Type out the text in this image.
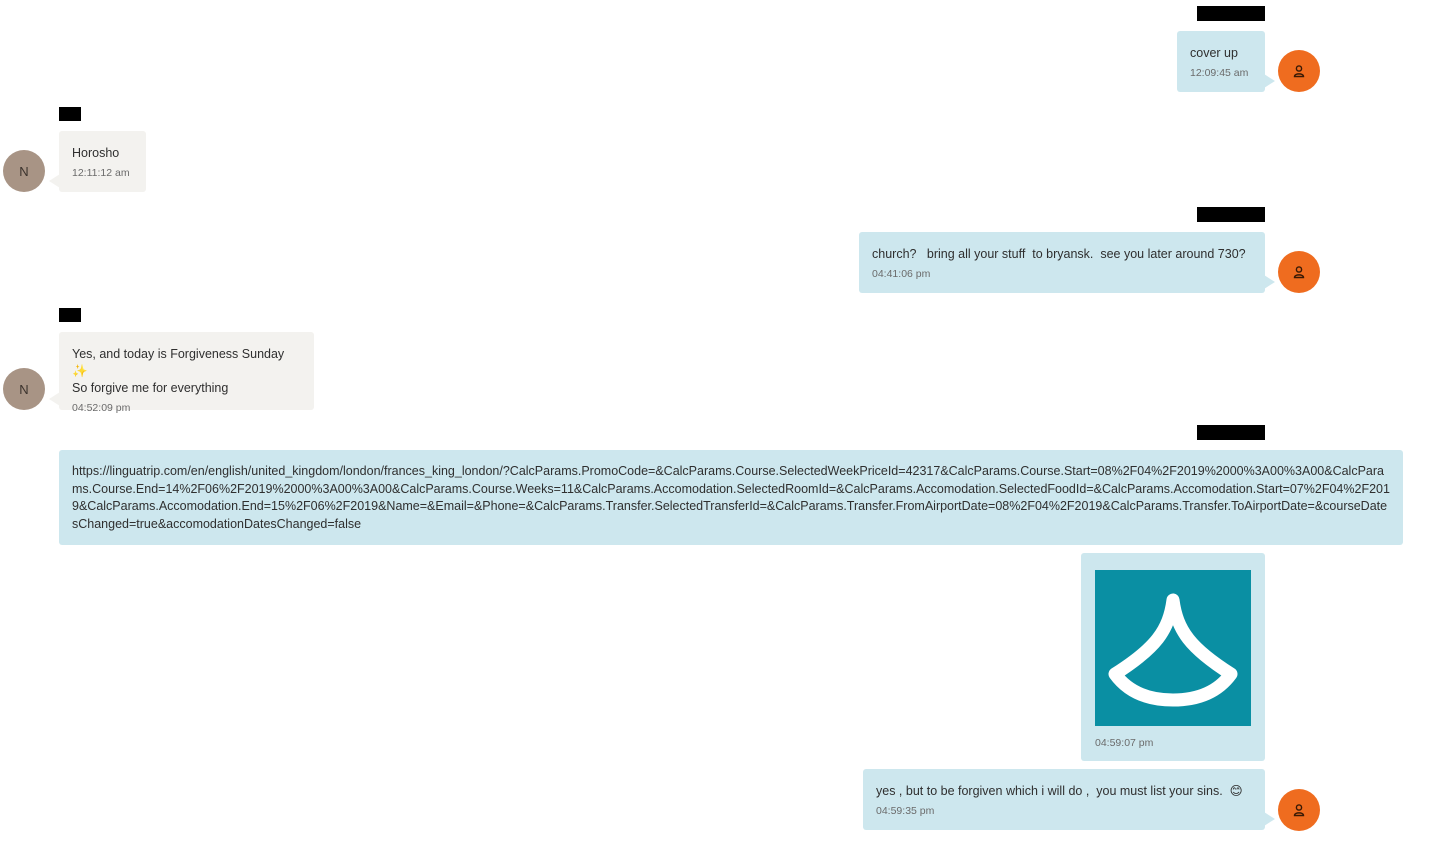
cover up
12:09:45 am
N
Horosho
12:11:12 am
church?   bring all your stuff  to bryansk.  see you later around 730?
04:41:06 pm
N
Yes, and today is Forgiveness Sunday ✨
So forgive me for everything
04:52:09 pm
https://linguatrip.com/en/english/united_kingdom/london/frances_king_london/?CalcParams.PromoCode=&CalcParams.Course.SelectedWeekPriceId=42317&CalcParams.Course.Start=08%2F04%2F2019%2000%3A00%3A00&CalcParams.Course.End=14%2F06%2F2019%2000%3A00%3A00&CalcParams.Course.Weeks=11&CalcParams.Accomodation.SelectedRoomId=&CalcParams.Accomodation.SelectedFoodId=&CalcParams.Accomodation.Start=07%2F04%2F2019&CalcParams.Accomodation.End=15%2F06%2F2019&Name=&Email=&Phone=&CalcParams.Transfer.SelectedTransferId=&CalcParams.Transfer.FromAirportDate=08%2F04%2F2019&CalcParams.Transfer.ToAirportDate=&courseDatesChanged=true&accomodationDatesChanged=false
04:59:07 pm
yes , but to be forgiven which i will do ,  you must list your sins.  😊
04:59:35 pm
